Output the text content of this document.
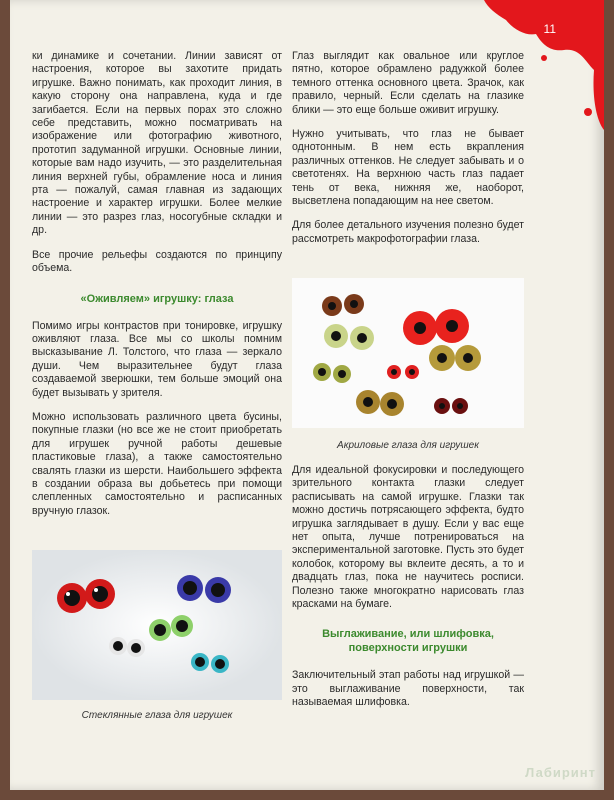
11

ки динамике и сочетании. Линии зависят от настроения, которое вы захотите придать игрушке. Важно понимать, как проходит линия, в какую сторону она направлена, куда и где загибается. Если на первых порах это сложно себе представить, можно посматривать на изображение или фотографию животного, прототип задуманной игрушки. Основные линии, которые вам надо изучить, — это разделительная линия верхней губы, обрамление носа и линия рта — пожалуй, самая главная из задающих настроение и характер игрушки. Более мелкие линии — это разрез глаз, носогубные складки и др.

Все прочие рельефы создаются по принципу объема.

«Оживляем» игрушку: глаза

Помимо игры контрастов при тонировке, игрушку оживляют глаза. Все мы со школы помним высказывание Л. Толстого, что глаза — зеркало души. Чем выразительнее будут глаза создаваемой зверюшки, тем больше эмоций она будет вызывать у зрителя.

Можно использовать различного цвета бусины, покупные глазки (но все же не стоит приобретать для игрушек ручной работы дешевые пластиковые глаза), а также самостоятельно свалять глазки из шерсти. Наибольшего эффекта в создании образа вы добьетесь при помощи слепленных самостоятельно и расписанных вручную глазок.

Стеклянные глаза для игрушек

Глаз выглядит как овальное или круглое пятно, которое обрамлено радужкой более темного оттенка основного цвета. Зрачок, как правило, черный. Если сделать на глазике блики — это еще больше оживит игрушку.

Нужно учитывать, что глаз не бывает однотонным. В нем есть вкрапления различных оттенков. Не следует забывать и о светотенях. На верхнюю часть глаз падает тень от века, нижняя же, наоборот, высветлена попадающим на нее светом.

Для более детального изучения полезно будет рассмотреть макрофотографии глаза.

Акриловые глаза для игрушек

Для идеальной фокусировки и последующего зрительного контакта глазки следует расписывать на самой игрушке. Глазки так можно достичь потрясающего эффекта, будто игрушка заглядывает в душу. Если у вас еще нет опыта, лучше потренироваться на экспериментальной заготовке. Пусть это будет колобок, которому вы вклеите десять, а то и двадцать глаз, пока не научитесь росписи. Полезно также многократно нарисовать глаз красками на бумаге.

Выглаживание, или шлифовка, поверхности игрушки

Заключительный этап работы над игрушкой — это выглаживание поверхности, так называемая шлифовка.

Лабиринт
